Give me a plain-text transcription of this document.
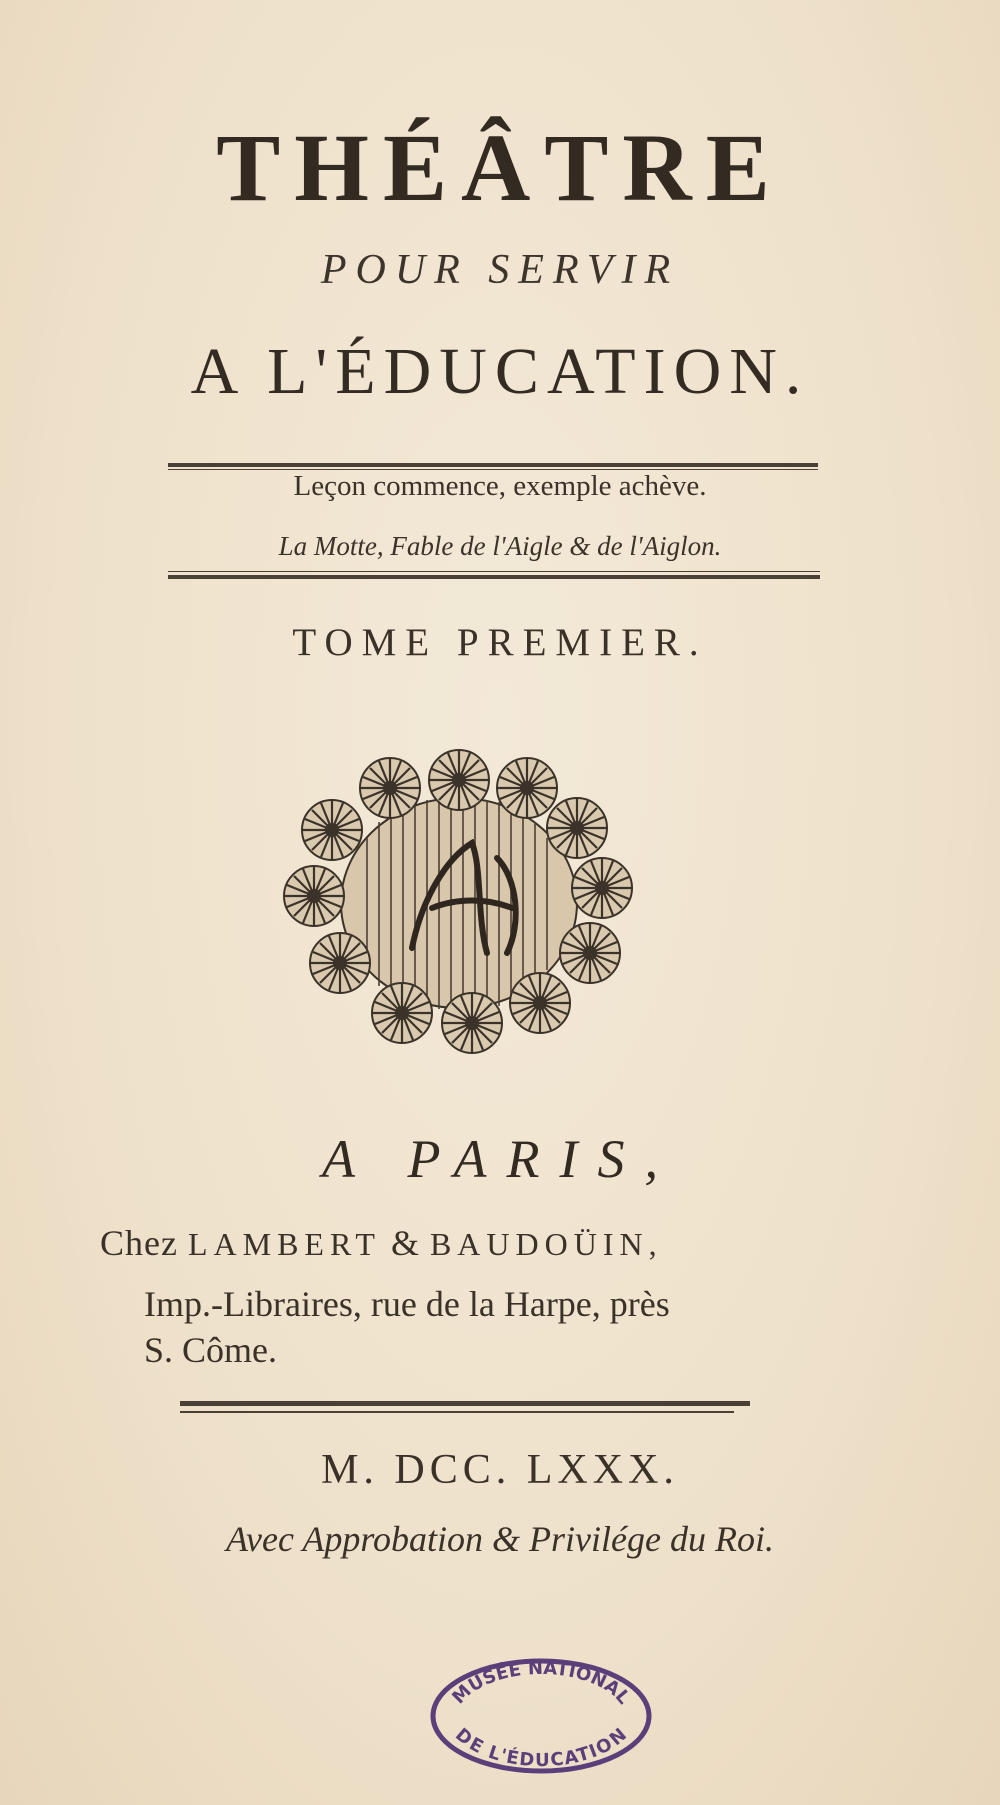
THÉÂTRE
POUR SERVIR
A L'ÉDUCATION.
Leçon commence, exemple achève.
La Motte, Fable de l'Aigle & de l'Aiglon.
TOME PREMIER.
A PARIS,
Chez LAMBERT & BAUDOÜIN,
Imp.-Libraires, rue de la Harpe, près
S. Côme.
M. DCC. LXXX.
Avec Approbation & Privilége du Roi.
MUSÉE NATIONAL
DE L'ÉDUCATION
